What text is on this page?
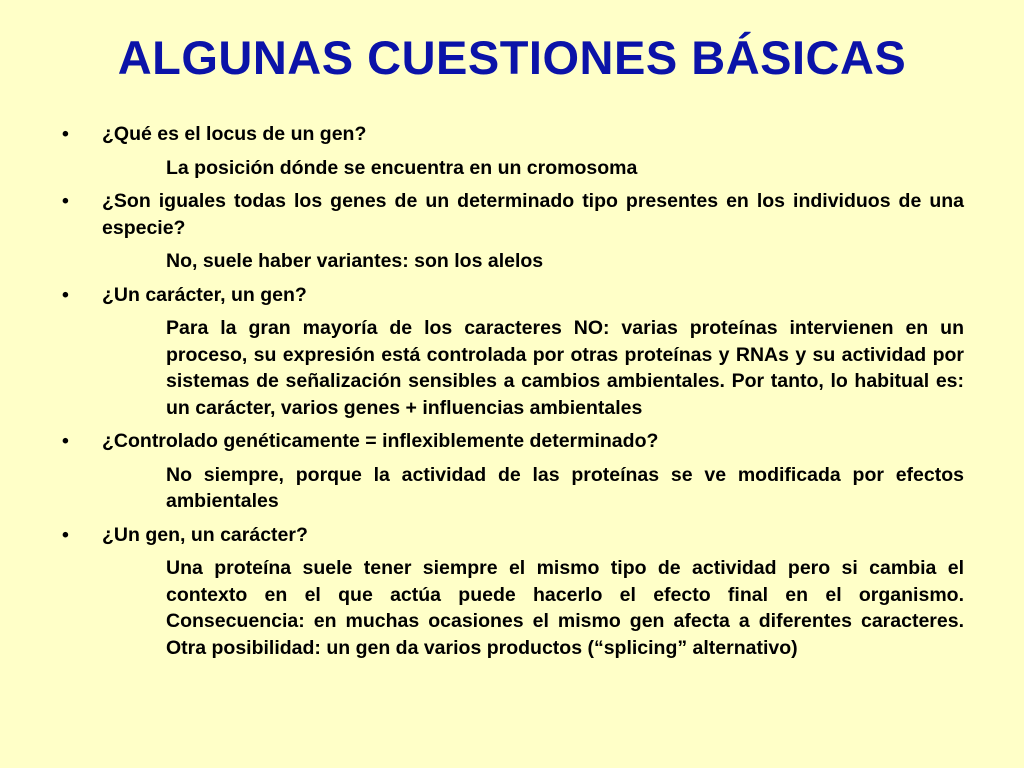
ALGUNAS CUESTIONES BÁSICAS
• ¿Qué es el locus de un gen?
La posición dónde se encuentra en un cromosoma
• ¿Son iguales todas los genes de un determinado tipo presentes en los individuos de una especie?
No, suele haber variantes: son los alelos
• ¿Un carácter, un gen?
Para la gran mayoría de los caracteres NO: varias proteínas intervienen en un proceso, su expresión está controlada por otras proteínas y RNAs y su actividad por sistemas de señalización sensibles a cambios ambientales. Por tanto, lo habitual es: un carácter, varios genes + influencias ambientales
• ¿Controlado genéticamente = inflexiblemente determinado?
No siempre, porque la actividad de las proteínas se ve modificada por efectos ambientales
• ¿Un gen, un carácter?
Una proteína suele tener siempre el mismo tipo de actividad pero si cambia el contexto en el que actúa puede hacerlo el efecto final en el organismo. Consecuencia: en muchas ocasiones el mismo gen afecta a diferentes caracteres. Otra posibilidad: un gen da varios productos (“splicing” alternativo)
